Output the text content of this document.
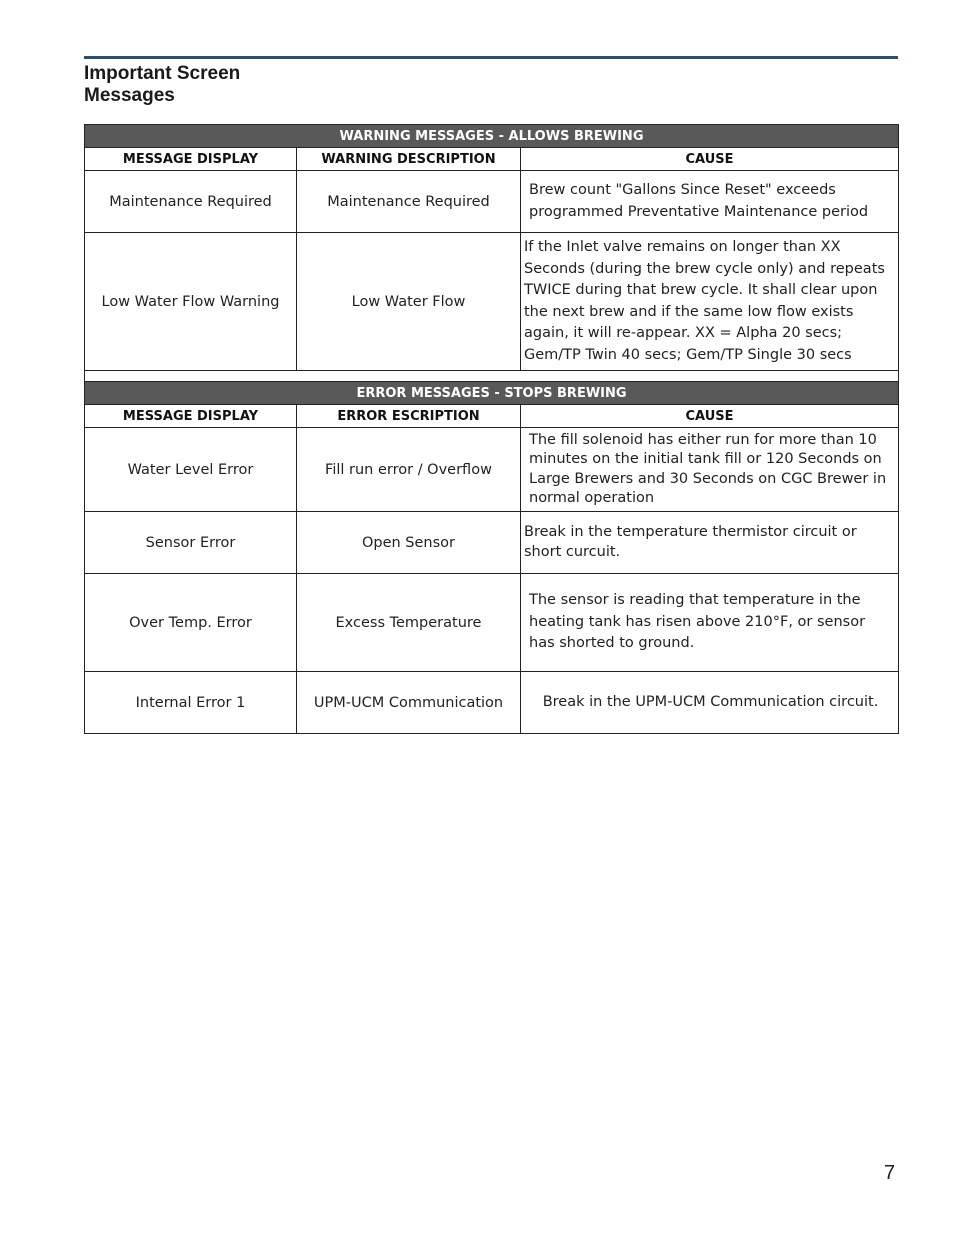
Important Screen
Messages
WARNING MESSAGES - ALLOWS BREWING		
MESSAGE DISPLAY	WARNING DESCRIPTION	CAUSE
Maintenance Required	Maintenance Required	Brew count "Gallons Since Reset" exceeds programmed Preventative Maintenance period
Low Water Flow Warning	Low Water Flow	If the Inlet valve remains on longer than XX Seconds (during the brew cycle only) and repeats TWICE during that brew cycle. It shall clear upon the next brew and if the same low flow exists again, it will re-appear. XX = Alpha 20 secs; Gem/TP Twin 40 secs; Gem/TP Single 30 secs

ERROR MESSAGES - STOPS BREWING		
MESSAGE DISPLAY	ERROR ESCRIPTION	CAUSE
Water Level Error	Fill run error / Overflow	The fill solenoid has either run for more than 10 minutes on the initial tank fill or 120 Seconds on Large Brewers and 30 Seconds on CGC Brewer in normal operation
Sensor Error	Open Sensor	Break in the temperature thermistor circuit or short curcuit.
Over Temp. Error	Excess Temperature	The sensor is reading that temperature in the heating tank has risen above 210°F, or sensor has shorted to ground.
Internal Error 1	UPM-UCM Communication	Break in the UPM-UCM Communication circuit.
7
